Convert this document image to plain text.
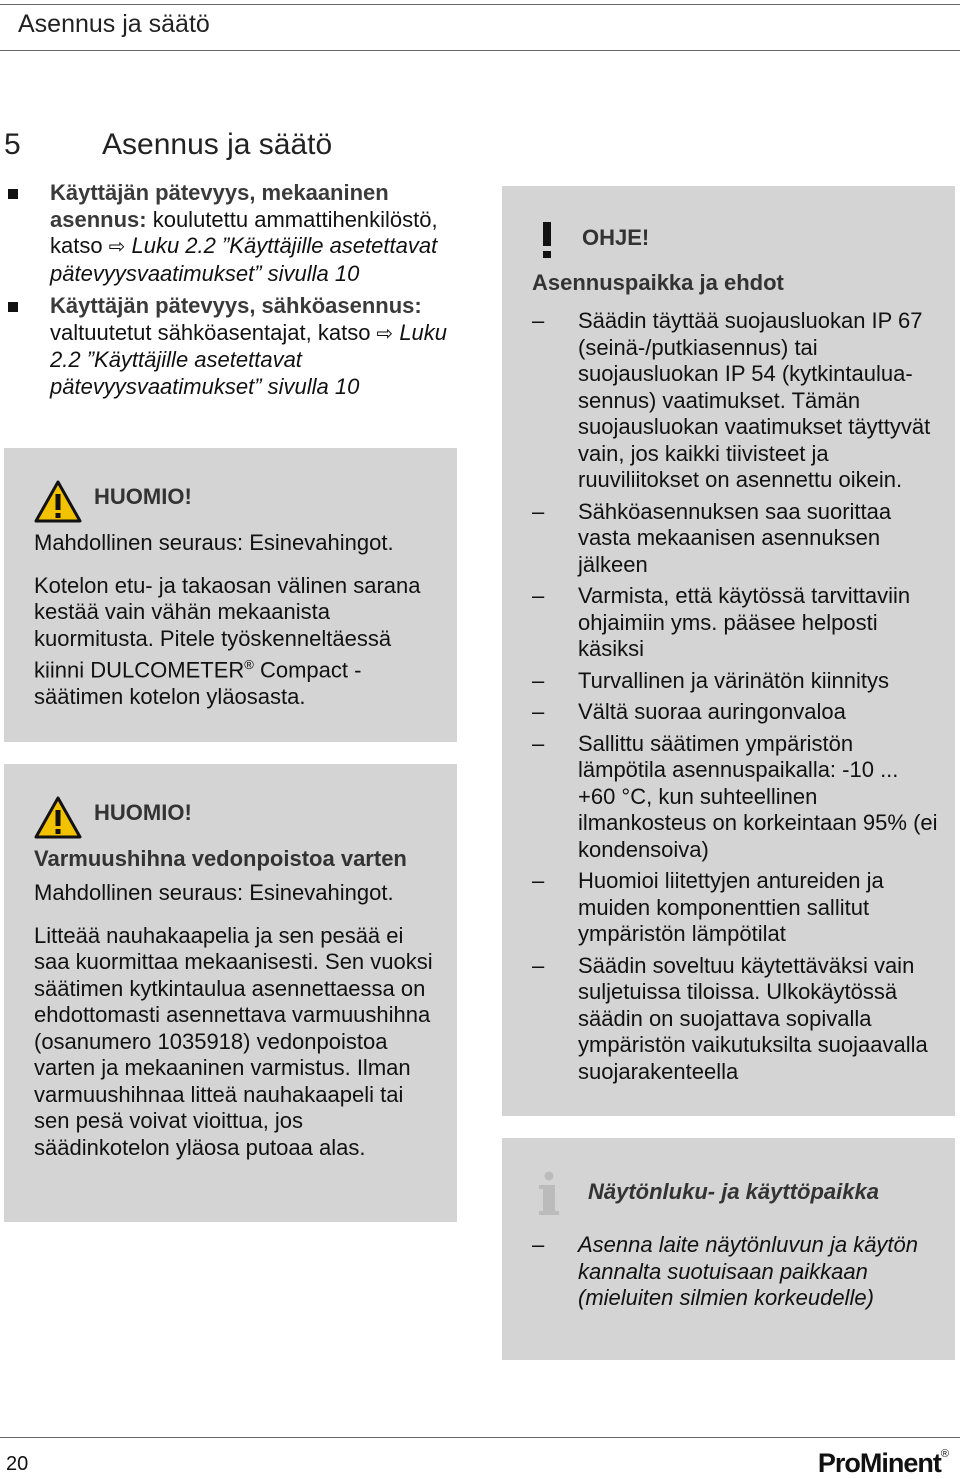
Asennus ja säätö
5	Asennus ja säätö
Käyttäjän pätevyys, mekaaninen asennus: koulutettu ammattihenkilöstö, katso ⇨ Luku 2.2 ”Käyttäjille asetettavat pätevyysvaatimukset” sivulla 10
Käyttäjän pätevyys, sähköasennus: valtuutetut sähköasentajat, katso ⇨ Luku 2.2 ”Käyttäjille asetettavat pätevyysvaatimukset” sivulla 10
HUOMIO!
Mahdollinen seuraus: Esinevahingot.
Kotelon etu- ja takaosan välinen sarana kestää vain vähän mekaanista kuormitusta. Pitele työskenneltäessä kiinni DULCOMETER® Compact -säätimen kotelon yläosasta.
HUOMIO!
Varmuushihna vedonpoistoa varten
Mahdollinen seuraus: Esinevahingot.
Litteää nauhakaapelia ja sen pesää ei saa kuormittaa mekaanisesti. Sen vuoksi säätimen kytkintaulua asennettaessa on ehdottomasti asennettava varmuushihna (osanumero 1035918) vedonpoistoa varten ja mekaaninen varmistus. Ilman varmuushihnaa litteä nauhakaapeli tai sen pesä voivat vioittua, jos säädinkotelon yläosa putoaa alas.
OHJE!
Asennuspaikka ja ehdot
– Säädin täyttää suojausluokan IP 67 (seinä-/putkiasennus) tai suojausluokan IP 54 (kytkintauluasennus) vaatimukset. Tämän suojausluokan vaatimukset täyttyvät vain, jos kaikki tiivisteet ja ruuviliitokset on asennettu oikein.
– Sähköasennuksen saa suorittaa vasta mekaanisen asennuksen jälkeen
– Varmista, että käytössä tarvittaviin ohjaimiin yms. pääsee helposti käsiksi
– Turvallinen ja värinätön kiinnitys
– Vältä suoraa auringonvaloa
– Sallittu säätimen ympäristön lämpötila asennuspaikalla: -10 ... +60 °C, kun suhteellinen ilmankosteus on korkeintaan 95% (ei kondensoiva)
– Huomioi liitettyjen antureiden ja muiden komponenttien sallitut ympäristön lämpötilat
– Säädin soveltuu käytettäväksi vain suljetuissa tiloissa. Ulkokäytössä säädin on suojattava sopivalla ympäristön vaikutuksilta suojaavalla suojarakenteella
Näytönluku- ja käyttöpaikka
– Asenna laite näytönluvun ja käytön kannalta suotuisaan paikkaan (mieluiten silmien korkeudelle)
20	ProMinent®
